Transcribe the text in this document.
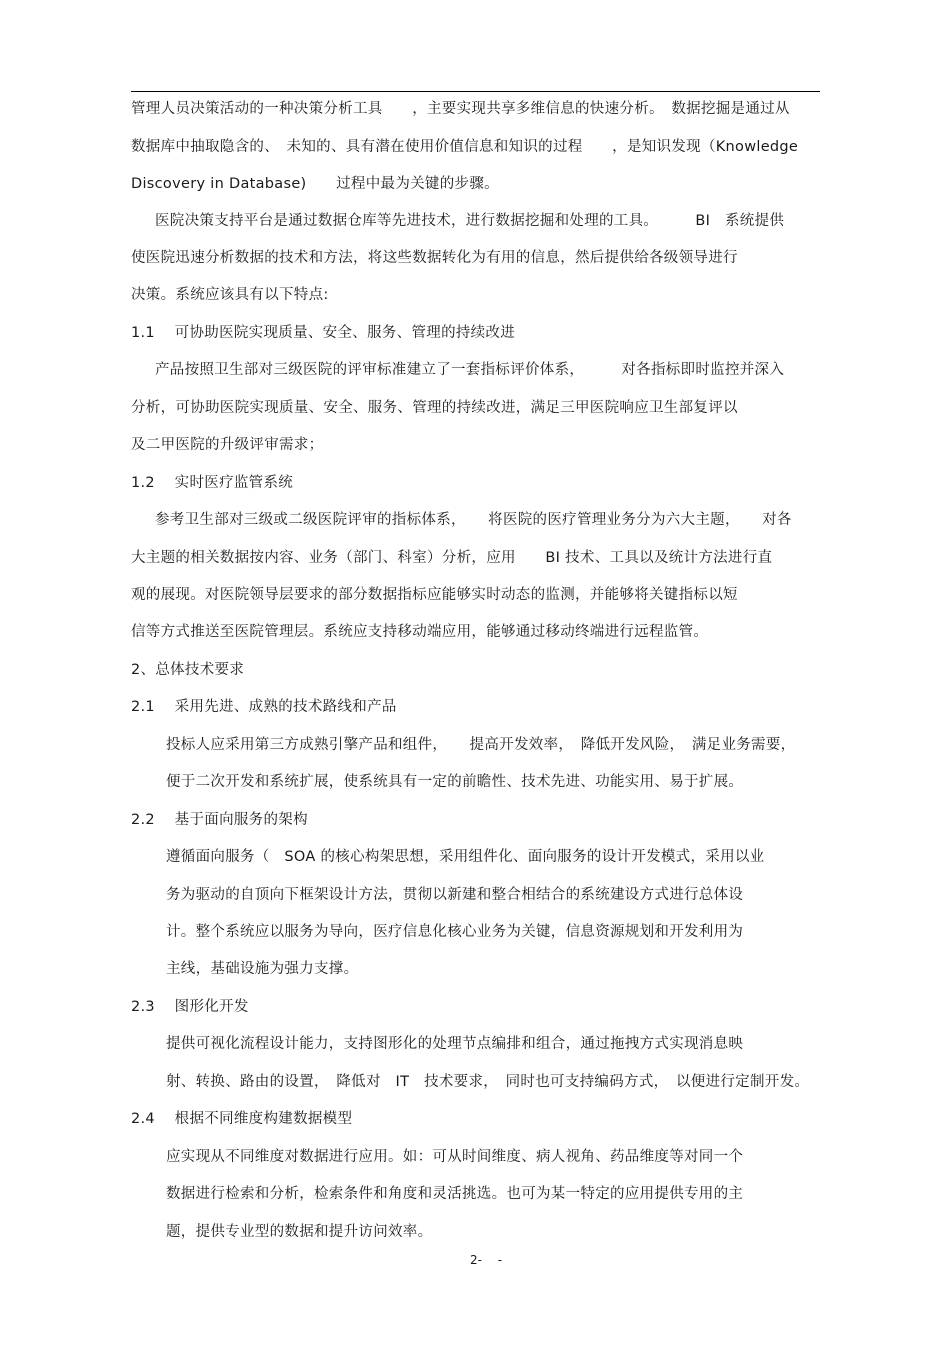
管理人员决策活动的一种决策分析工具　　，主要实现共享多维信息的快速分析。　数据挖掘是通过从
数据库中抽取隐含的、　未知的、具有潜在使用价值信息和知识的过程　　，是知识发现（Knowledge
Discovery in Database)　　过程中最为关键的步骤。
医院决策支持平台是通过数据仓库等先进技术，进行数据挖掘和处理的工具。　　　BI　系统提供
使医院迅速分析数据的技术和方法，将这些数据转化为有用的信息，然后提供给各级领导进行
决策。系统应该具有以下特点:
1.1　 可协助医院实现质量、安全、服务、管理的持续改进
产品按照卫生部对三级医院的评审标准建立了一套指标评价体系，　　　对各指标即时监控并深入
分析，可协助医院实现质量、安全、服务、管理的持续改进，满足三甲医院响应卫生部复评以
及二甲医院的升级评审需求；
1.2　 实时医疗监管系统
参考卫生部对三级或二级医院评审的指标体系，　　将医院的医疗管理业务分为六大主题，　　对各
大主题的相关数据按内容、业务（部门、科室）分析，应用　　BI 技术、工具以及统计方法进行直
观的展现。对医院领导层要求的部分数据指标应能够实时动态的监测，并能够将关键指标以短
信等方式推送至医院管理层。系统应支持移动端应用，能够通过移动终端进行远程监管。
2、总体技术要求
2.1　 采用先进、成熟的技术路线和产品
投标人应采用第三方成熟引擎产品和组件，　　提高开发效率，　降低开发风险，　满足业务需要，
便于二次开发和系统扩展，使系统具有一定的前瞻性、技术先进、功能实用、易于扩展。
2.2　 基于面向服务的架构
遵循面向服务（　SOA 的核心构架思想，采用组件化、面向服务的设计开发模式，采用以业
务为驱动的自顶向下框架设计方法，贯彻以新建和整合相结合的系统建设方式进行总体设
计。整个系统应以服务为导向，医疗信息化核心业务为关键，信息资源规划和开发利用为
主线，基础设施为强力支撑。
2.3　 图形化开发
提供可视化流程设计能力，支持图形化的处理节点编排和组合，通过拖拽方式实现消息映
射、转换、路由的设置，　降低对　IT　技术要求，　同时也可支持编码方式，　以便进行定制开发。
2.4　 根据不同维度构建数据模型
应实现从不同维度对数据进行应用。如：可从时间维度、病人视角、药品维度等对同一个
数据进行检索和分析，检索条件和角度和灵活挑选。也可为某一特定的应用提供专用的主
题，提供专业型的数据和提升访问效率。
2-　 -
